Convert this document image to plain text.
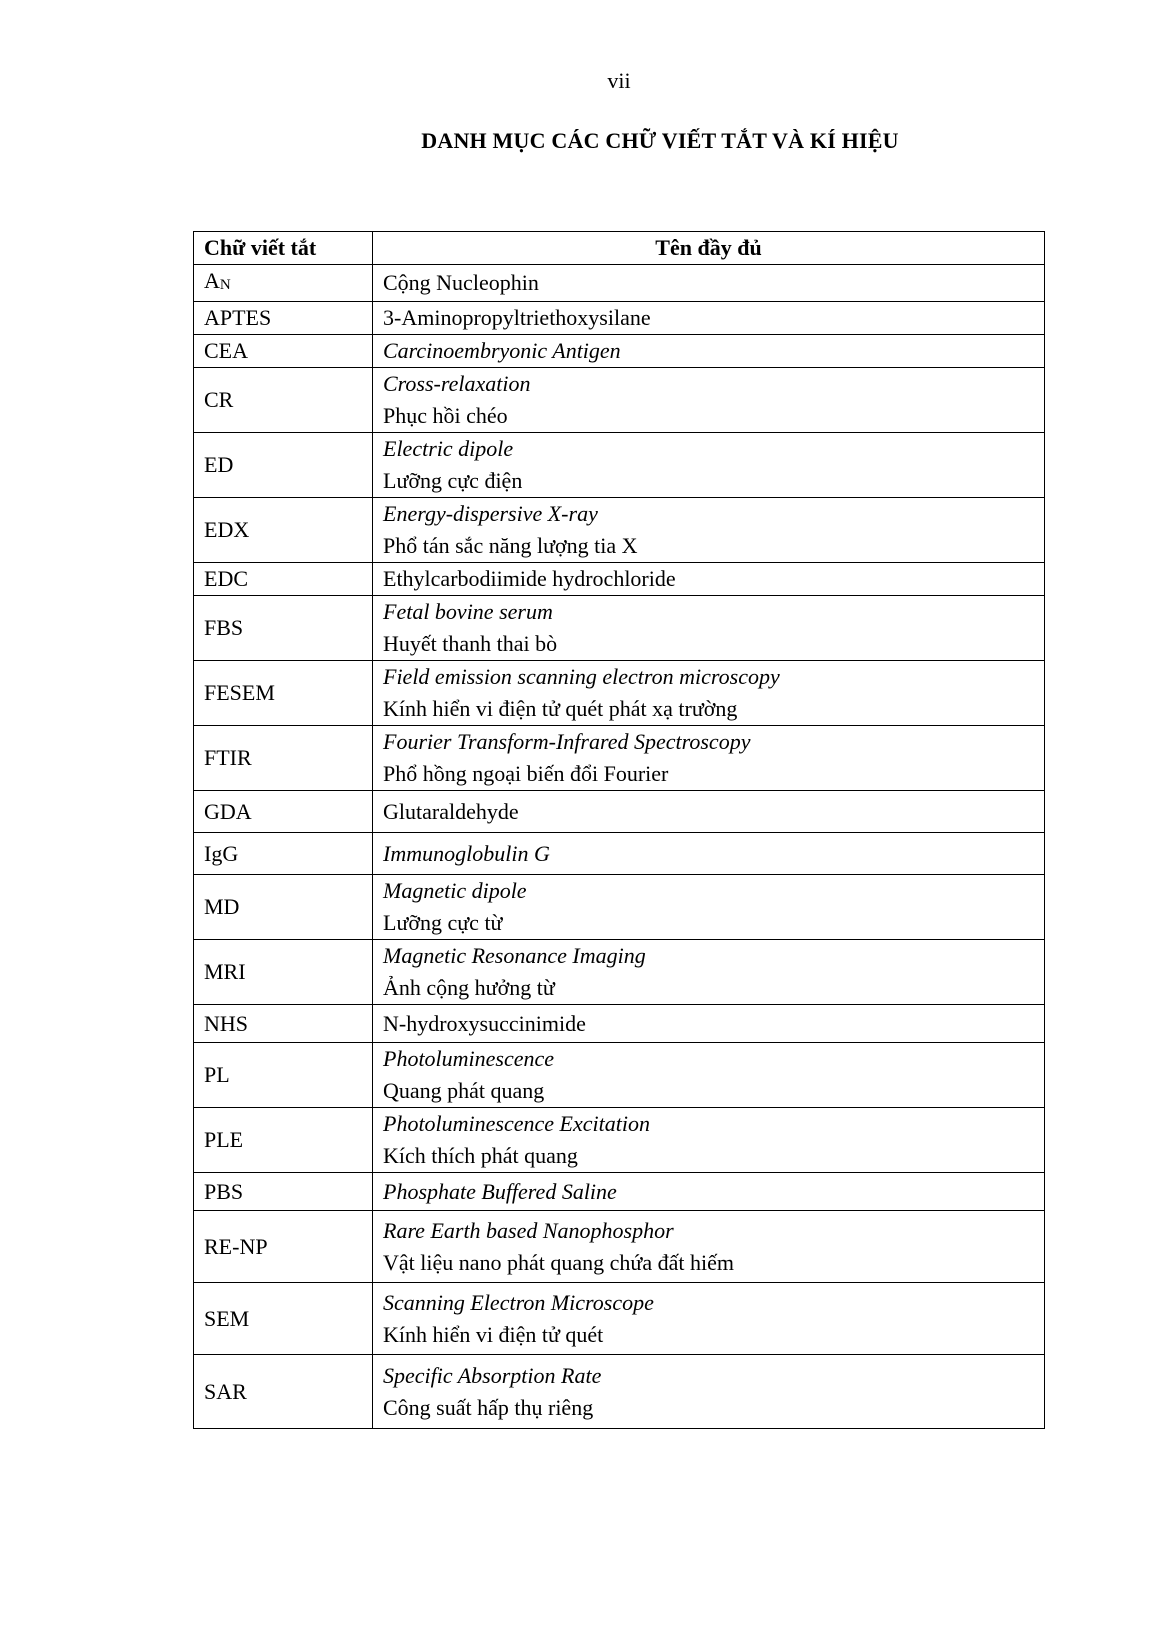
vii
DANH MỤC CÁC CHỮ VIẾT TẮT VÀ KÍ HIỆU
Chữ viết tắt	Tên đầy đủ
$A_N$	Cộng Nucleophin

APTES	3-Aminopropyltriethoxysilane

CEA	Carcinoembryonic Antigen

CR	Cross-relaxation
Phục hồi chéo

ED	Electric dipole
Lưỡng cực điện

EDX	Energy-dispersive X-ray
Phổ tán sắc năng lượng tia X

EDC	Ethylcarbodiimide hydrochloride

FBS	Fetal bovine serum
Huyết thanh thai bò

FESEM	Field emission scanning electron microscopy
Kính hiển vi điện tử quét phát xạ trường

FTIR	Fourier Transform-Infrared Spectroscopy
Phổ hồng ngoại biến đổi Fourier

GDA	Glutaraldehyde

IgG	Immunoglobulin G

MD	Magnetic dipole
Lưỡng cực từ

MRI	Magnetic Resonance Imaging
Ảnh cộng hưởng từ

NHS	N-hydroxysuccinimide

PL	Photoluminescence
Quang phát quang

PLE	Photoluminescence Excitation
Kích thích phát quang

PBS	Phosphate Buffered Saline

RE-NP	Rare Earth based Nanophosphor
Vật liệu nano phát quang chứa đất hiếm

SEM	Scanning Electron Microscope
Kính hiển vi điện tử quét

SAR	Specific Absorption Rate
Công suất hấp thụ riêng
